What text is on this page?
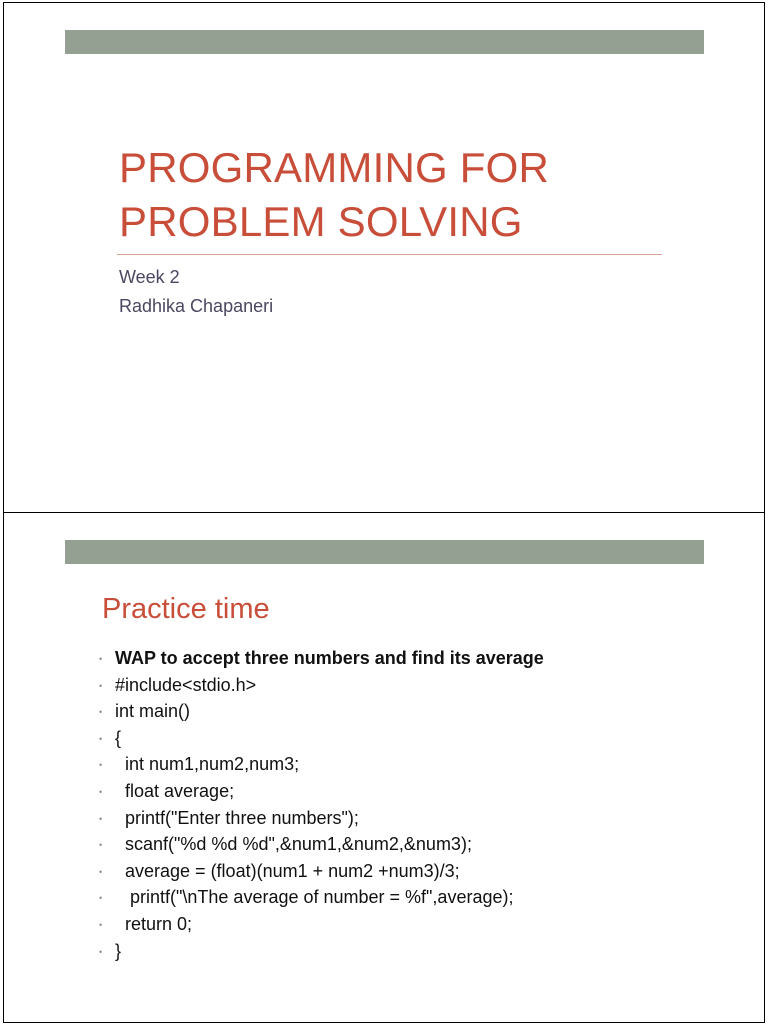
PROGRAMMING FOR
PROBLEM SOLVING
Week 2
Radhika Chapaneri
Practice time
• WAP to accept three numbers and find its average
• #include<stdio.h>
• int main()
• {
• int num1,num2,num3;
• float average;
• printf("Enter three numbers");
• scanf("%d %d %d",&num1,&num2,&num3);
• average = (float)(num1 + num2 +num3)/3;
• printf("\nThe average of number = %f",average);
• return 0;
• }
